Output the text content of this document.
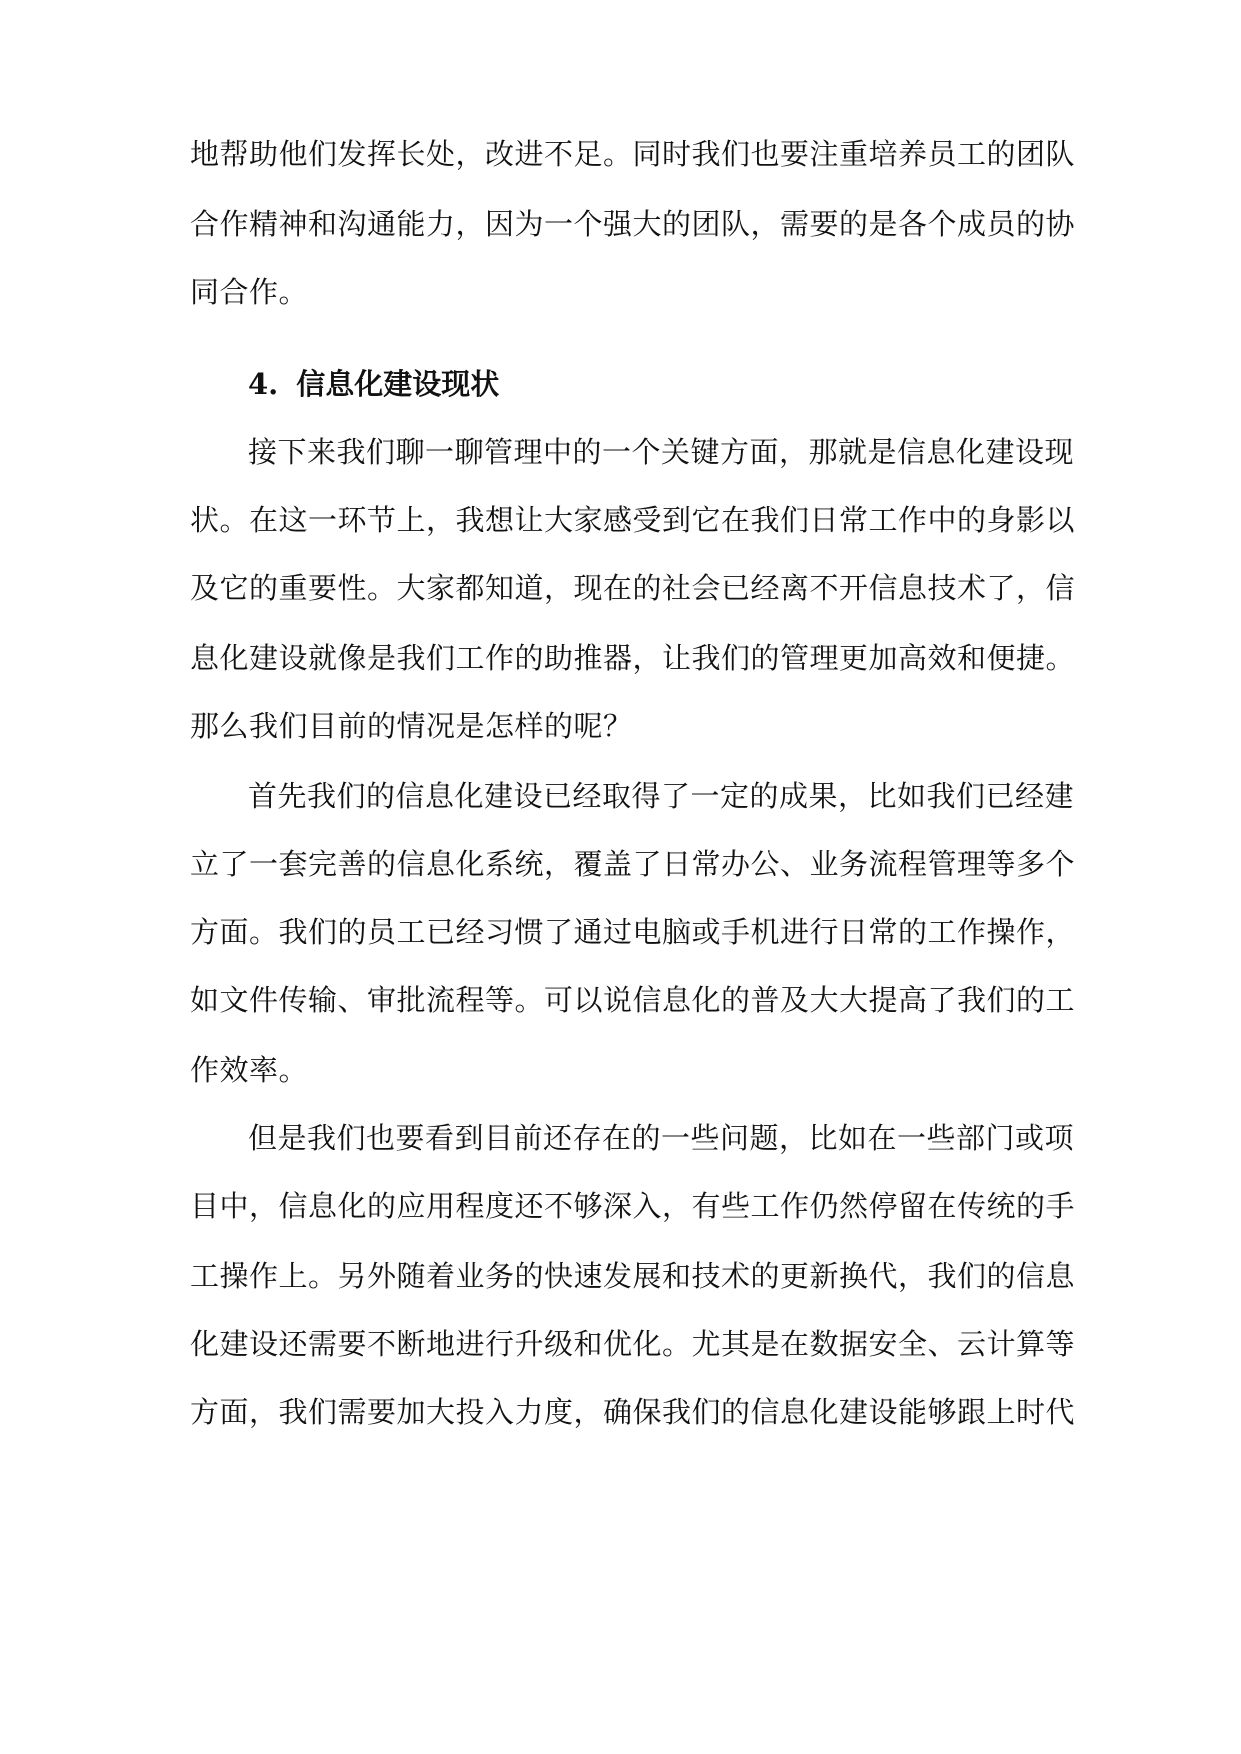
地帮助他们发挥长处，改进不足。同时我们也要注重培养员工的团队
合作精神和沟通能力，因为一个强大的团队，需要的是各个成员的协
同合作。
4. 信息化建设现状
接下来我们聊一聊管理中的一个关键方面，那就是信息化建设现
状。在这一环节上，我想让大家感受到它在我们日常工作中的身影以
及它的重要性。大家都知道，现在的社会已经离不开信息技术了，信
息化建设就像是我们工作的助推器，让我们的管理更加高效和便捷。
那么我们目前的情况是怎样的呢？
首先我们的信息化建设已经取得了一定的成果，比如我们已经建
立了一套完善的信息化系统，覆盖了日常办公、业务流程管理等多个
方面。我们的员工已经习惯了通过电脑或手机进行日常的工作操作，
如文件传输、审批流程等。可以说信息化的普及大大提高了我们的工
作效率。
但是我们也要看到目前还存在的一些问题，比如在一些部门或项
目中，信息化的应用程度还不够深入，有些工作仍然停留在传统的手
工操作上。另外随着业务的快速发展和技术的更新换代，我们的信息
化建设还需要不断地进行升级和优化。尤其是在数据安全、云计算等
方面，我们需要加大投入力度，确保我们的信息化建设能够跟上时代
